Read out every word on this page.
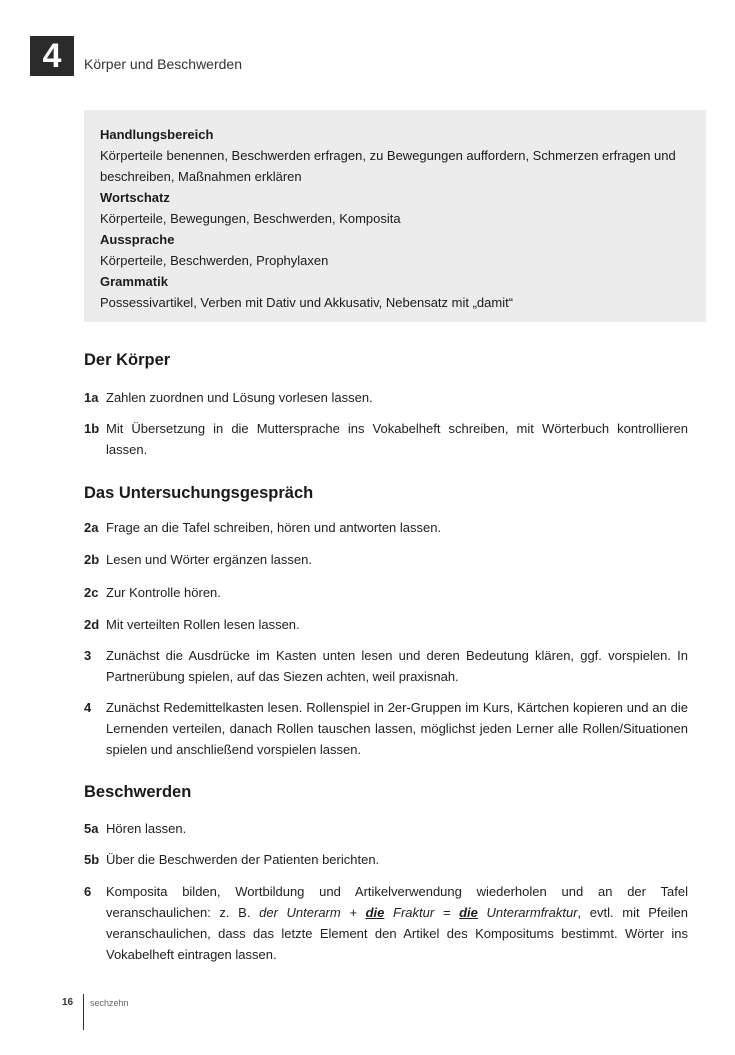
4	Körper und Beschwerden
Handlungsbereich
Körperteile benennen, Beschwerden erfragen, zu Bewegungen auffordern, Schmerzen erfragen und beschreiben, Maßnahmen erklären
Wortschatz
Körperteile, Bewegungen, Beschwerden, Komposita
Aussprache
Körperteile, Beschwerden, Prophylaxen
Grammatik
Possessivartikel, Verben mit Dativ und Akkusativ, Nebensatz mit „damit“
Der Körper
1a Zahlen zuordnen und Lösung vorlesen lassen.
1b Mit Übersetzung in die Muttersprache ins Vokabelheft schreiben, mit Wörterbuch kontrollieren lassen.
Das Untersuchungsgespräch
2a Frage an die Tafel schreiben, hören und antworten lassen.
2b Lesen und Wörter ergänzen lassen.
2c Zur Kontrolle hören.
2d Mit verteilten Rollen lesen lassen.
3	Zunächst die Ausdrücke im Kasten unten lesen und deren Bedeutung klären, ggf. vorspielen. In Partnerübung spielen, auf das Siezen achten, weil praxisnah.
4	Zunächst Redemittelkasten lesen. Rollenspiel in 2er-Gruppen im Kurs, Kärtchen kopieren und an die Lernenden verteilen, danach Rollen tauschen lassen, möglichst jeden Lerner alle Rollen/Situationen spielen und anschließend vorspielen lassen.
Beschwerden
5a Hören lassen.
5b Über die Beschwerden der Patienten berichten.
6	Komposita bilden, Wortbildung und Artikelverwendung wiederholen und an der Tafel veranschaulichen: z. B. der Unterarm + die Fraktur = die Unterarmfraktur, evtl. mit Pfeilen veranschaulichen, dass das letzte Element den Artikel des Kompositums bestimmt. Wörter ins Vokabelheft eintragen lassen.
16 sechzehn
